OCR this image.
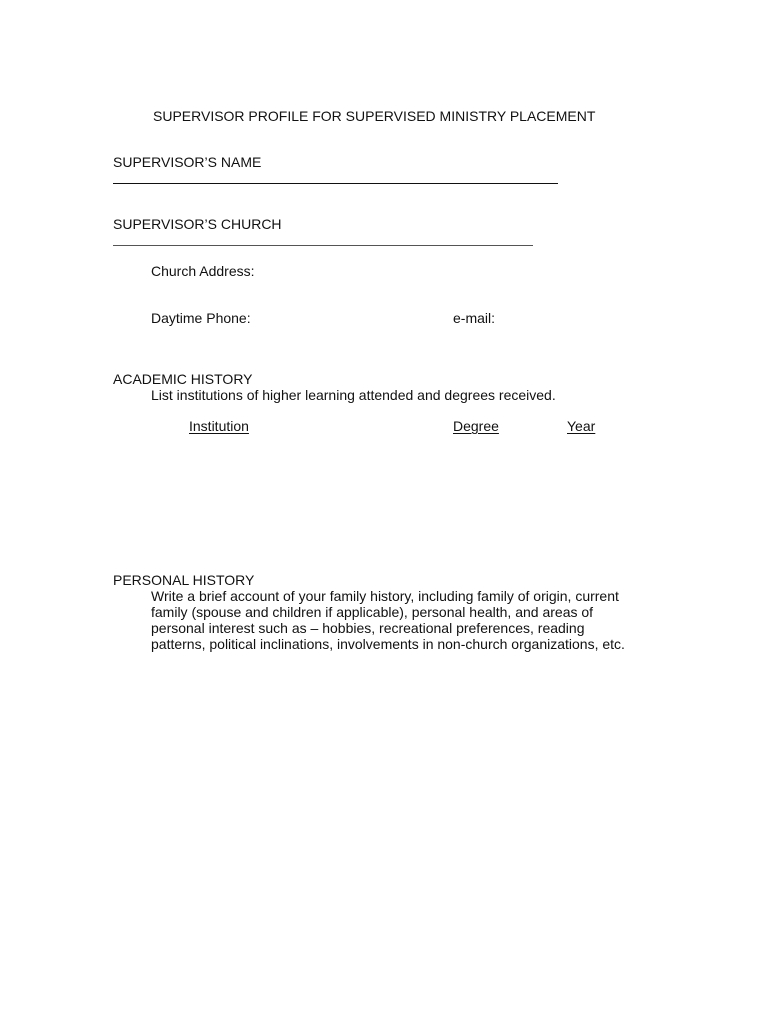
SUPERVISOR PROFILE FOR SUPERVISED MINISTRY PLACEMENT
SUPERVISOR’S NAME
SUPERVISOR’S CHURCH
Church Address:
Daytime Phone:	e-mail:
ACADEMIC HISTORY
List institutions of higher learning attended and degrees received.
Institution	Degree	Year
PERSONAL HISTORY
Write a brief account of your family history, including family of origin, current
family (spouse and children if applicable), personal health, and areas of
personal interest such as – hobbies, recreational preferences, reading
patterns, political inclinations, involvements in non-church organizations, etc.
